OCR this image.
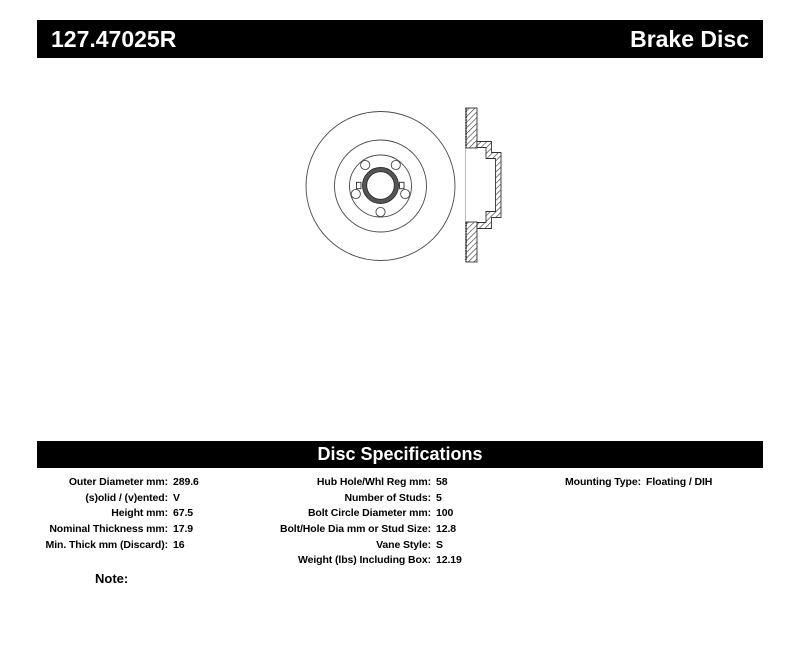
127.47025R	Brake Disc
Disc Specifications
Outer Diameter mm: 289.6
(s)olid / (v)ented: V
Height mm: 67.5
Nominal Thickness mm: 17.9
Min. Thick mm (Discard): 16
Hub Hole/Whl Reg mm: 58
Number of Studs: 5
Bolt Circle Diameter mm: 100
Bolt/Hole Dia mm or Stud Size: 12.8
Vane Style: S
Weight (lbs) Including Box: 12.19
Mounting Type: Floating / DIH
Note:
